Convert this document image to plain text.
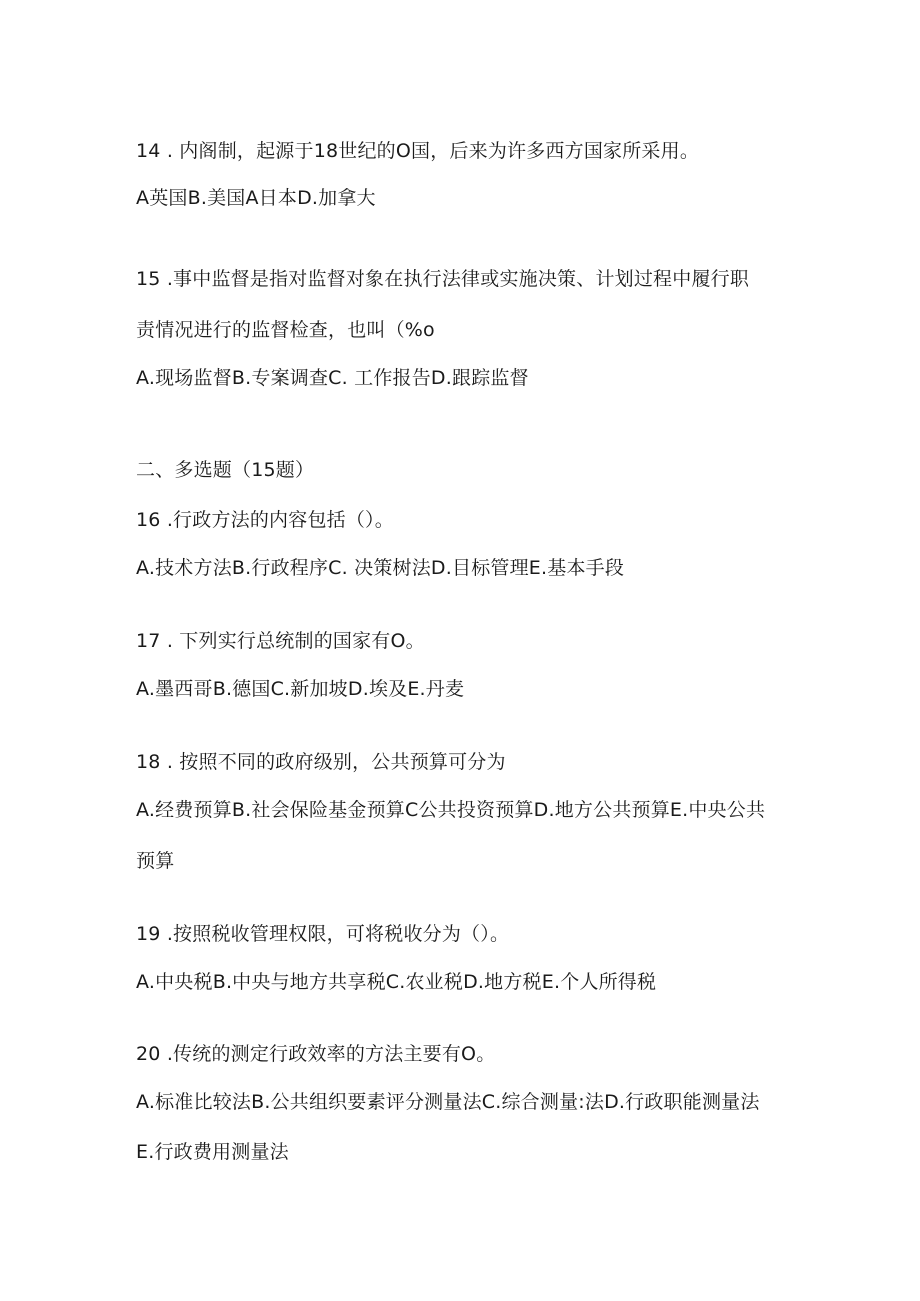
14 . 内阁制，起源于18世纪的O国，后来为许多西方国家所采用。
A英国B.美国A日本D.加拿大
15 .事中监督是指对监督对象在执行法律或实施决策、计划过程中履行职
责情况进行的监督检查，也叫（%o
A.现场监督B.专案调查C. 工作报告D.跟踪监督
二、多选题（15题）
16 .行政方法的内容包括（）。
A.技术方法B.行政程序C. 决策树法D.目标管理E.基本手段
17 . 下列实行总统制的国家有O。
A.墨西哥B.德国C.新加坡D.埃及E.丹麦
18 . 按照不同的政府级别，公共预算可分为
A.经费预算B.社会保险基金预算C公共投资预算D.地方公共预算E.中央公共
预算
19 .按照税收管理权限，可将税收分为（）。
A.中央税B.中央与地方共享税C.农业税D.地方税E.个人所得税
20 .传统的测定行政效率的方法主要有O。
A.标准比较法B.公共组织要素评分测量法C.综合测量:法D.行政职能测量法
E.行政费用测量法
